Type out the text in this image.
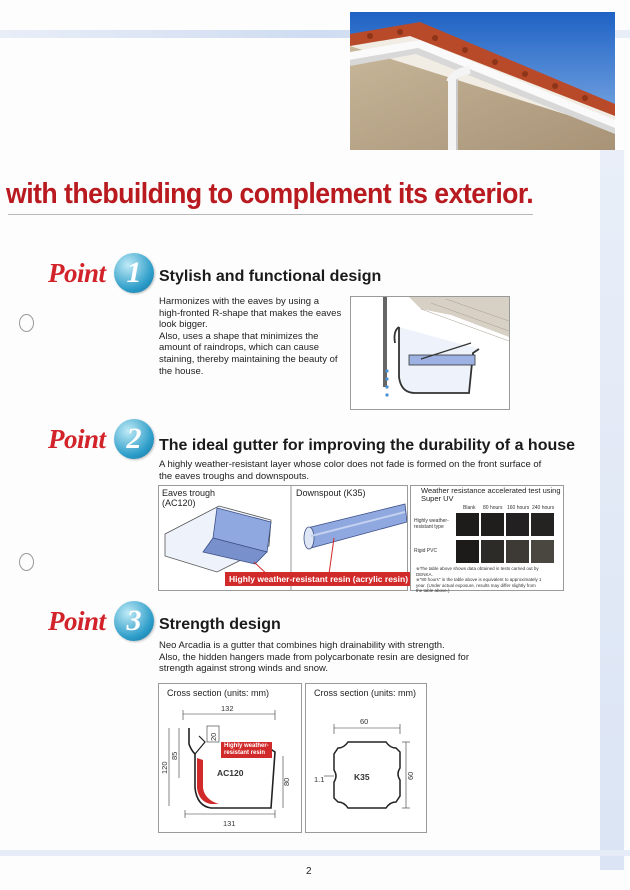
with thebuilding to complement its exterior.
Point 1	Stylish and functional design
Harmonizes with the eaves by using a
high-fronted R-shape that makes the eaves
look bigger.
Also, uses a shape that minimizes the
amount of raindrops, which can cause
staining, thereby maintaining the beauty of
the house.
Point 2	The ideal gutter for improving the durability of a house
A highly weather-resistant layer whose color does not fade is formed on the front surface of
the eaves troughs and downspouts.
Eaves trough (AC120)
Downspout (K35)
Highly weather-resistant resin (acrylic resin)
Weather resistance accelerated test using Super UV
Blank 80 hours 160 hours 240 hours
Highly weather-resistant type
Rigid PVC
※The table above shows data obtained in tests carried out by
DENKA.
※"80 hours" in the table above is equivalent to approximately 1
year. (Under actual exposure, results may differ slightly from
the table above.)
Point 3	Strength design
Neo Arcadia is a gutter that combines high drainability with strength.
Also, the hidden hangers made from polycarbonate resin are designed for
strength against strong winds and snow.
Cross section (units: mm)
132
131
120
85
20
80
AC120
Highly weather-
resistant resin
Cross section (units: mm)
60
60
1.1	K35
2
